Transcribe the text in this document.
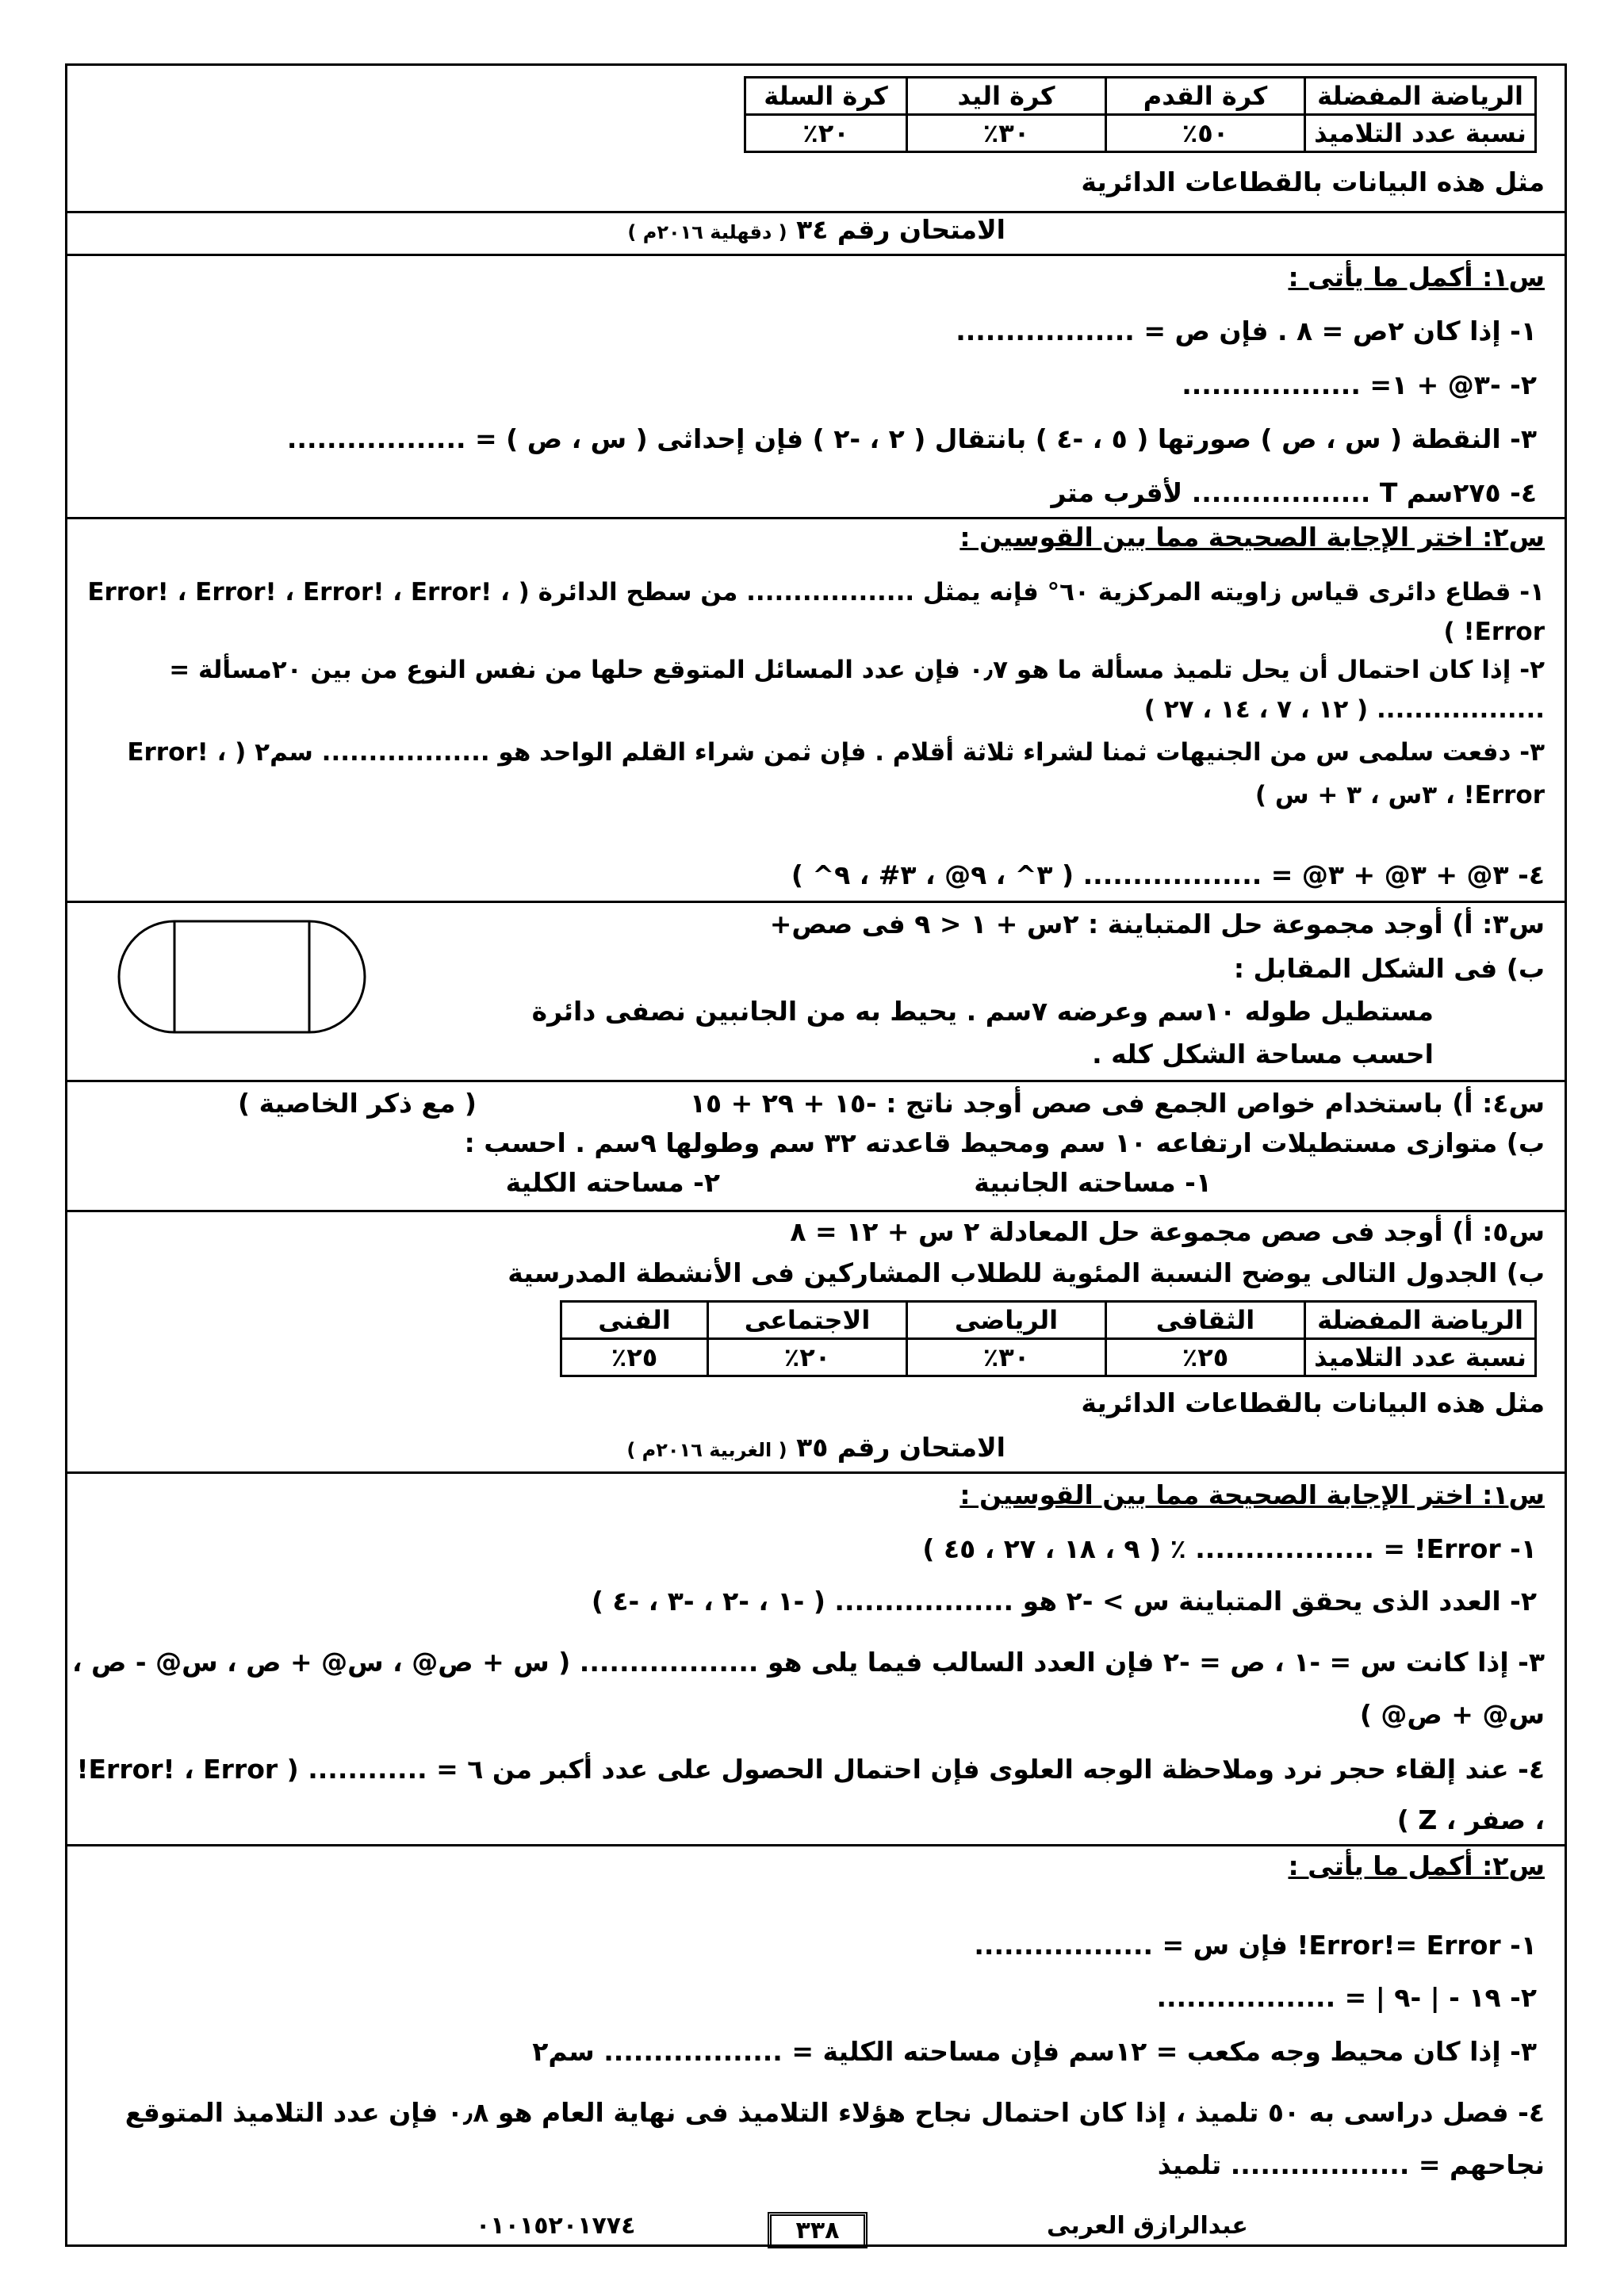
الرياضة المفضلة	كرة القدم	كرة اليد	كرة السلة
نسبة عدد التلاميذ	٥٠٪	٣٠٪	٢٠٪
مثل هذه البيانات بالقطاعات الدائرية
الامتحان رقم ٣٤ ( دقهلية ٢٠١٦م )
س١: أكمل ما يأتى :
١- إذا كان ٢ص = ٨ . فإن ص = ..................
٢- -٣@ + ١= ..................
٣- النقطة ( س ، ص ) صورتها ( ٥ ، -٤ ) بانتقال ( ٢ ، -٢ ) فإن إحداثى ( س ، ص ) = ..................
٤- ٢٧٥سم T .................. لأقرب متر
س٢: اختر الإجابة الصحيحة مما بين القوسين :
١- قطاع دائرى قياس زاويته المركزية ٦٠° فإنه يمثل .................. من سطح الدائرة ( Error! ، Error! ، Error! ، Error! ، Error! )
٢- إذا كان احتمال أن يحل تلميذ مسألة ما هو ٠٫٧ فإن عدد المسائل المتوقع حلها من نفس النوع من بين ٢٠مسألة = .................. ( ١٢ ، ٧ ، ١٤ ، ٢٧ )
٣- دفعت سلمى س من الجنيهات ثمنا لشراء ثلاثة أقلام . فإن ثمن شراء القلم الواحد هو .................. سم٢ ( Error! ، Error! ، ٣س ، ٣ + س )
٤- ٣@ + ٣@ + ٣@ = .................. ( ٣^ ، ٩@ ، ٣# ، ٩^ )
س٣: أ) أوجد مجموعة حل المتباينة : ٢س + ١ < ٩ فى صص+
ب) فى الشكل المقابل :
مستطيل طوله ١٠سم وعرضه ٧سم . يحيط به من الجانبين نصفى دائرة
احسب مساحة الشكل كله .
س٤: أ) باستخدام خواص الجمع فى صص أوجد ناتج : -١٥ + ٢٩ + ١٥
( مع ذكر الخاصية )
ب) متوازى مستطيلات ارتفاعه ١٠ سم ومحيط قاعدته ٣٢ سم وطولها ٩سم . احسب :
١- مساحته الجانبية
٢- مساحته الكلية
س٥: أ) أوجد فى صص مجموعة حل المعادلة ٢ س + ١٢ = ٨
ب) الجدول التالى يوضح النسبة المئوية للطلاب المشاركين فى الأنشطة المدرسية
الرياضة المفضلة	الثقافى	الرياضى	الاجتماعى	الفنى
نسبة عدد التلاميذ	٢٥٪	٣٠٪	٢٠٪	٢٥٪
مثل هذه البيانات بالقطاعات الدائرية
الامتحان رقم ٣٥ ( الغربية ٢٠١٦م )
س١: اختر الإجابة الصحيحة مما بين القوسين :
١- Error! = .................. ٪ ( ٩ ، ١٨ ، ٢٧ ، ٤٥ )
٢- العدد الذى يحقق المتباينة س > -٢ هو .................. ( -١ ، -٢ ، -٣ ، -٤ )
٣- إذا كانت س = -١ ، ص = -٢ فإن العدد السالب فيما يلى هو .................. ( س + ص@ ، س@ + ص ، س@ - ص ، س@ + ص@ )
٤- عند إلقاء حجر نرد وملاحظة الوجه العلوى فإن احتمال الحصول على عدد أكبر من ٦ = ............ ( Error! ، Error! ، صفر ، Z )
س٢: أكمل ما يأتى :
١- Error!= Error! فإن س = ..................
٢- ١٩ - | -٩ | = ..................
٣- إذا كان محيط وجه مكعب = ١٢سم فإن مساحته الكلية = .................. سم٢
٤- فصل دراسى به ٥٠ تلميذ ، إذا كان احتمال نجاح هؤلاء التلاميذ فى نهاية العام هو ٠٫٨ فإن عدد التلاميذ المتوقع نجاحهم = .................. تلميذ
عبدالرازق العربى
٣٣٨
٠١٠١٥٢٠١٧٧٤
